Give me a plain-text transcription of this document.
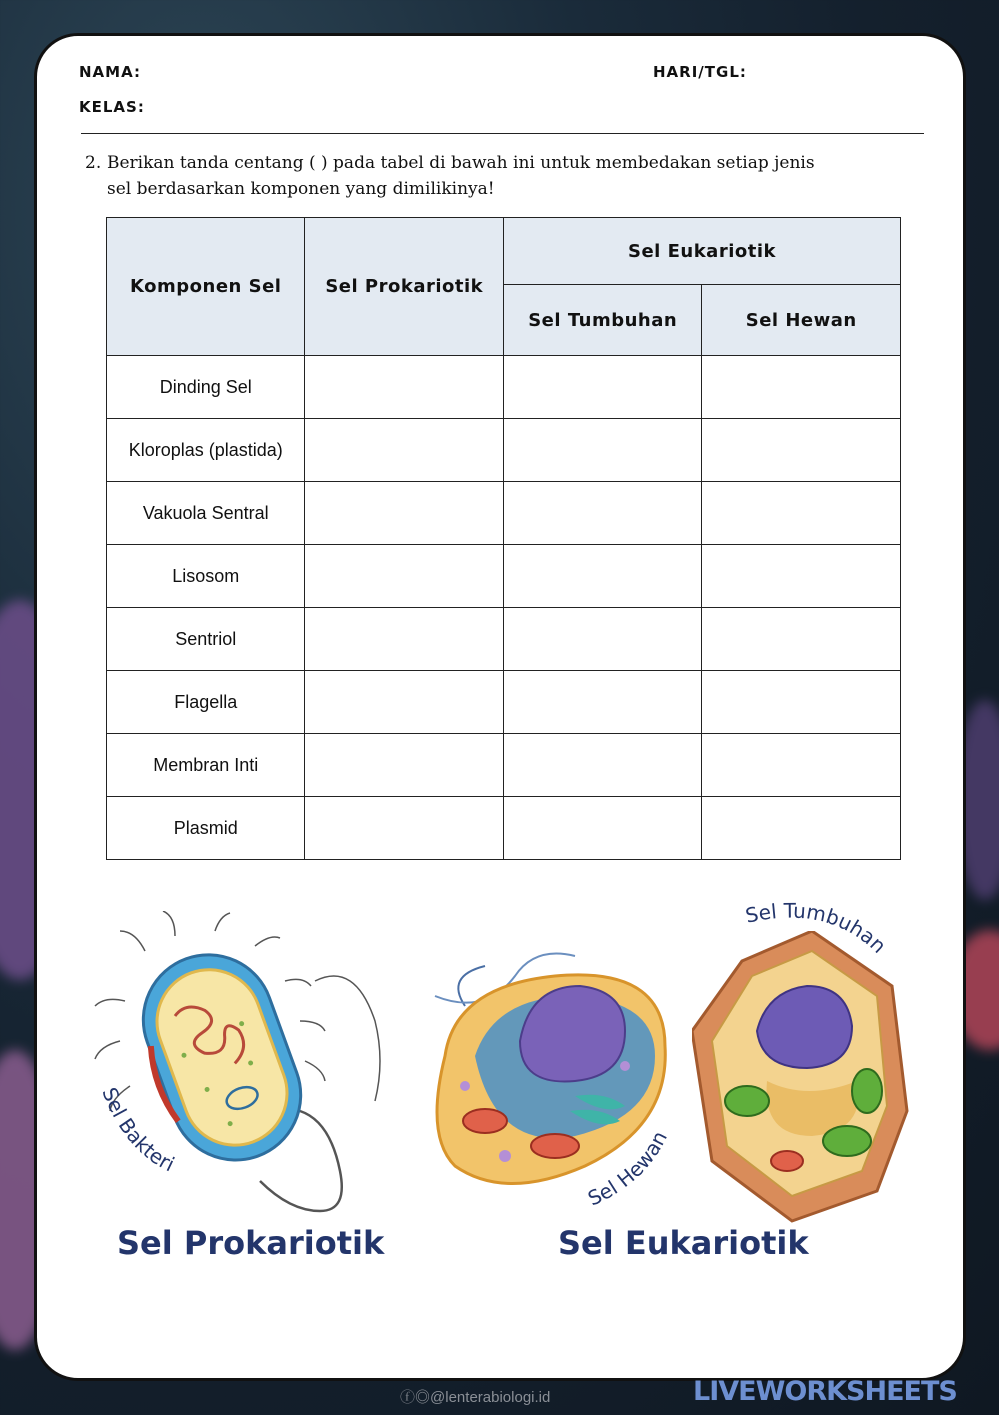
NAMA:	HARI/TGL:
KELAS:
2. Berikan tanda centang ( ) pada tabel di bawah ini untuk membedakan setiap jenis
sel berdasarkan komponen yang dimilikinya!
Komponen Sel	Sel Prokariotik	Sel Eukariotik	
		Sel Tumbuhan	Sel Hewan
Dinding Sel			
Kloroplas (plastida)			
Vakuola Sentral			
Lisosom			
Sentriol			
Flagella			
Membran Inti			
Plasmid			
Sel Bakteri
Sel Prokariotik
Sel Hewan
Sel Tumbuhan
Sel Eukariotik
ⓕ◎@lenterabiologi.id	LIVEWORKSHEETS
